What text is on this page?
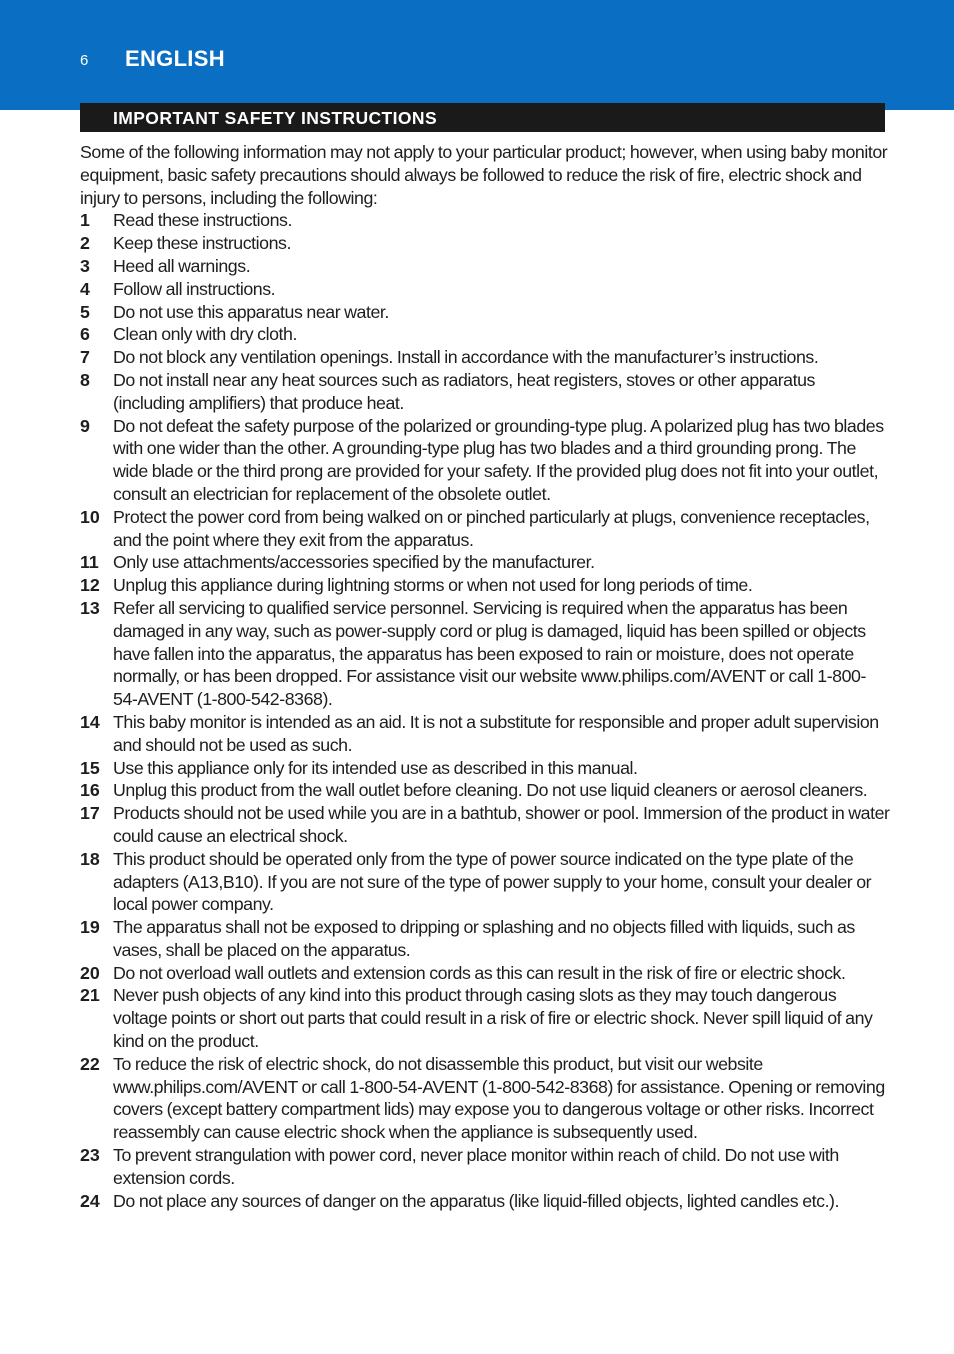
6 ENGLISH
IMPORTANT SAFETY INSTRUCTIONS

Some of the following information may not apply to your particular product; however, when using baby monitor equipment, basic safety precautions should always be followed to reduce the risk of fire, electric shock and injury to persons, including the following:

1 Read these instructions.
2 Keep these instructions.
3 Heed all warnings.
4 Follow all instructions.
5 Do not use this apparatus near water.
6 Clean only with dry cloth.
7 Do not block any ventilation openings. Install in accordance with the manufacturer’s instructions.
8 Do not install near any heat sources such as radiators, heat registers, stoves or other apparatus (including amplifiers) that produce heat.
9 Do not defeat the safety purpose of the polarized or grounding-type plug. A polarized plug has two blades with one wider than the other. A grounding-type plug has two blades and a third grounding prong. The wide blade or the third prong are provided for your safety. If the provided plug does not fit into your outlet, consult an electrician for replacement of the obsolete outlet.
10 Protect the power cord from being walked on or pinched particularly at plugs, convenience receptacles, and the point where they exit from the apparatus.
11 Only use attachments/accessories specified by the manufacturer.
12 Unplug this appliance during lightning storms or when not used for long periods of time.
13 Refer all servicing to qualified service personnel. Servicing is required when the apparatus has been damaged in any way, such as power-supply cord or plug is damaged, liquid has been spilled or objects have fallen into the apparatus, the apparatus has been exposed to rain or moisture, does not operate normally, or has been dropped. For assistance visit our website www.philips.com/AVENT or call 1-800-54-AVENT (1-800-542-8368).
14 This baby monitor is intended as an aid. It is not a substitute for responsible and proper adult supervision and should not be used as such.
15 Use this appliance only for its intended use as described in this manual.
16 Unplug this product from the wall outlet before cleaning. Do not use liquid cleaners or aerosol cleaners.
17 Products should not be used while you are in a bathtub, shower or pool. Immersion of the product in water could cause an electrical shock.
18 This product should be operated only from the type of power source indicated on the type plate of the adapters (A13,B10). If you are not sure of the type of power supply to your home, consult your dealer or local power company.
19 The apparatus shall not be exposed to dripping or splashing and no objects filled with liquids, such as vases, shall be placed on the apparatus.
20 Do not overload wall outlets and extension cords as this can result in the risk of fire or electric shock.
21 Never push objects of any kind into this product through casing slots as they may touch dangerous voltage points or short out parts that could result in a risk of fire or electric shock. Never spill liquid of any kind on the product.
22 To reduce the risk of electric shock, do not disassemble this product, but visit our website www.philips.com/AVENT or call 1-800-54-AVENT (1-800-542-8368) for assistance. Opening or removing covers (except battery compartment lids) may expose you to dangerous voltage or other risks. Incorrect reassembly can cause electric shock when the appliance is subsequently used.
23 To prevent strangulation with power cord, never place monitor within reach of child. Do not use with extension cords.
24 Do not place any sources of danger on the apparatus (like liquid-filled objects, lighted candles etc.).
